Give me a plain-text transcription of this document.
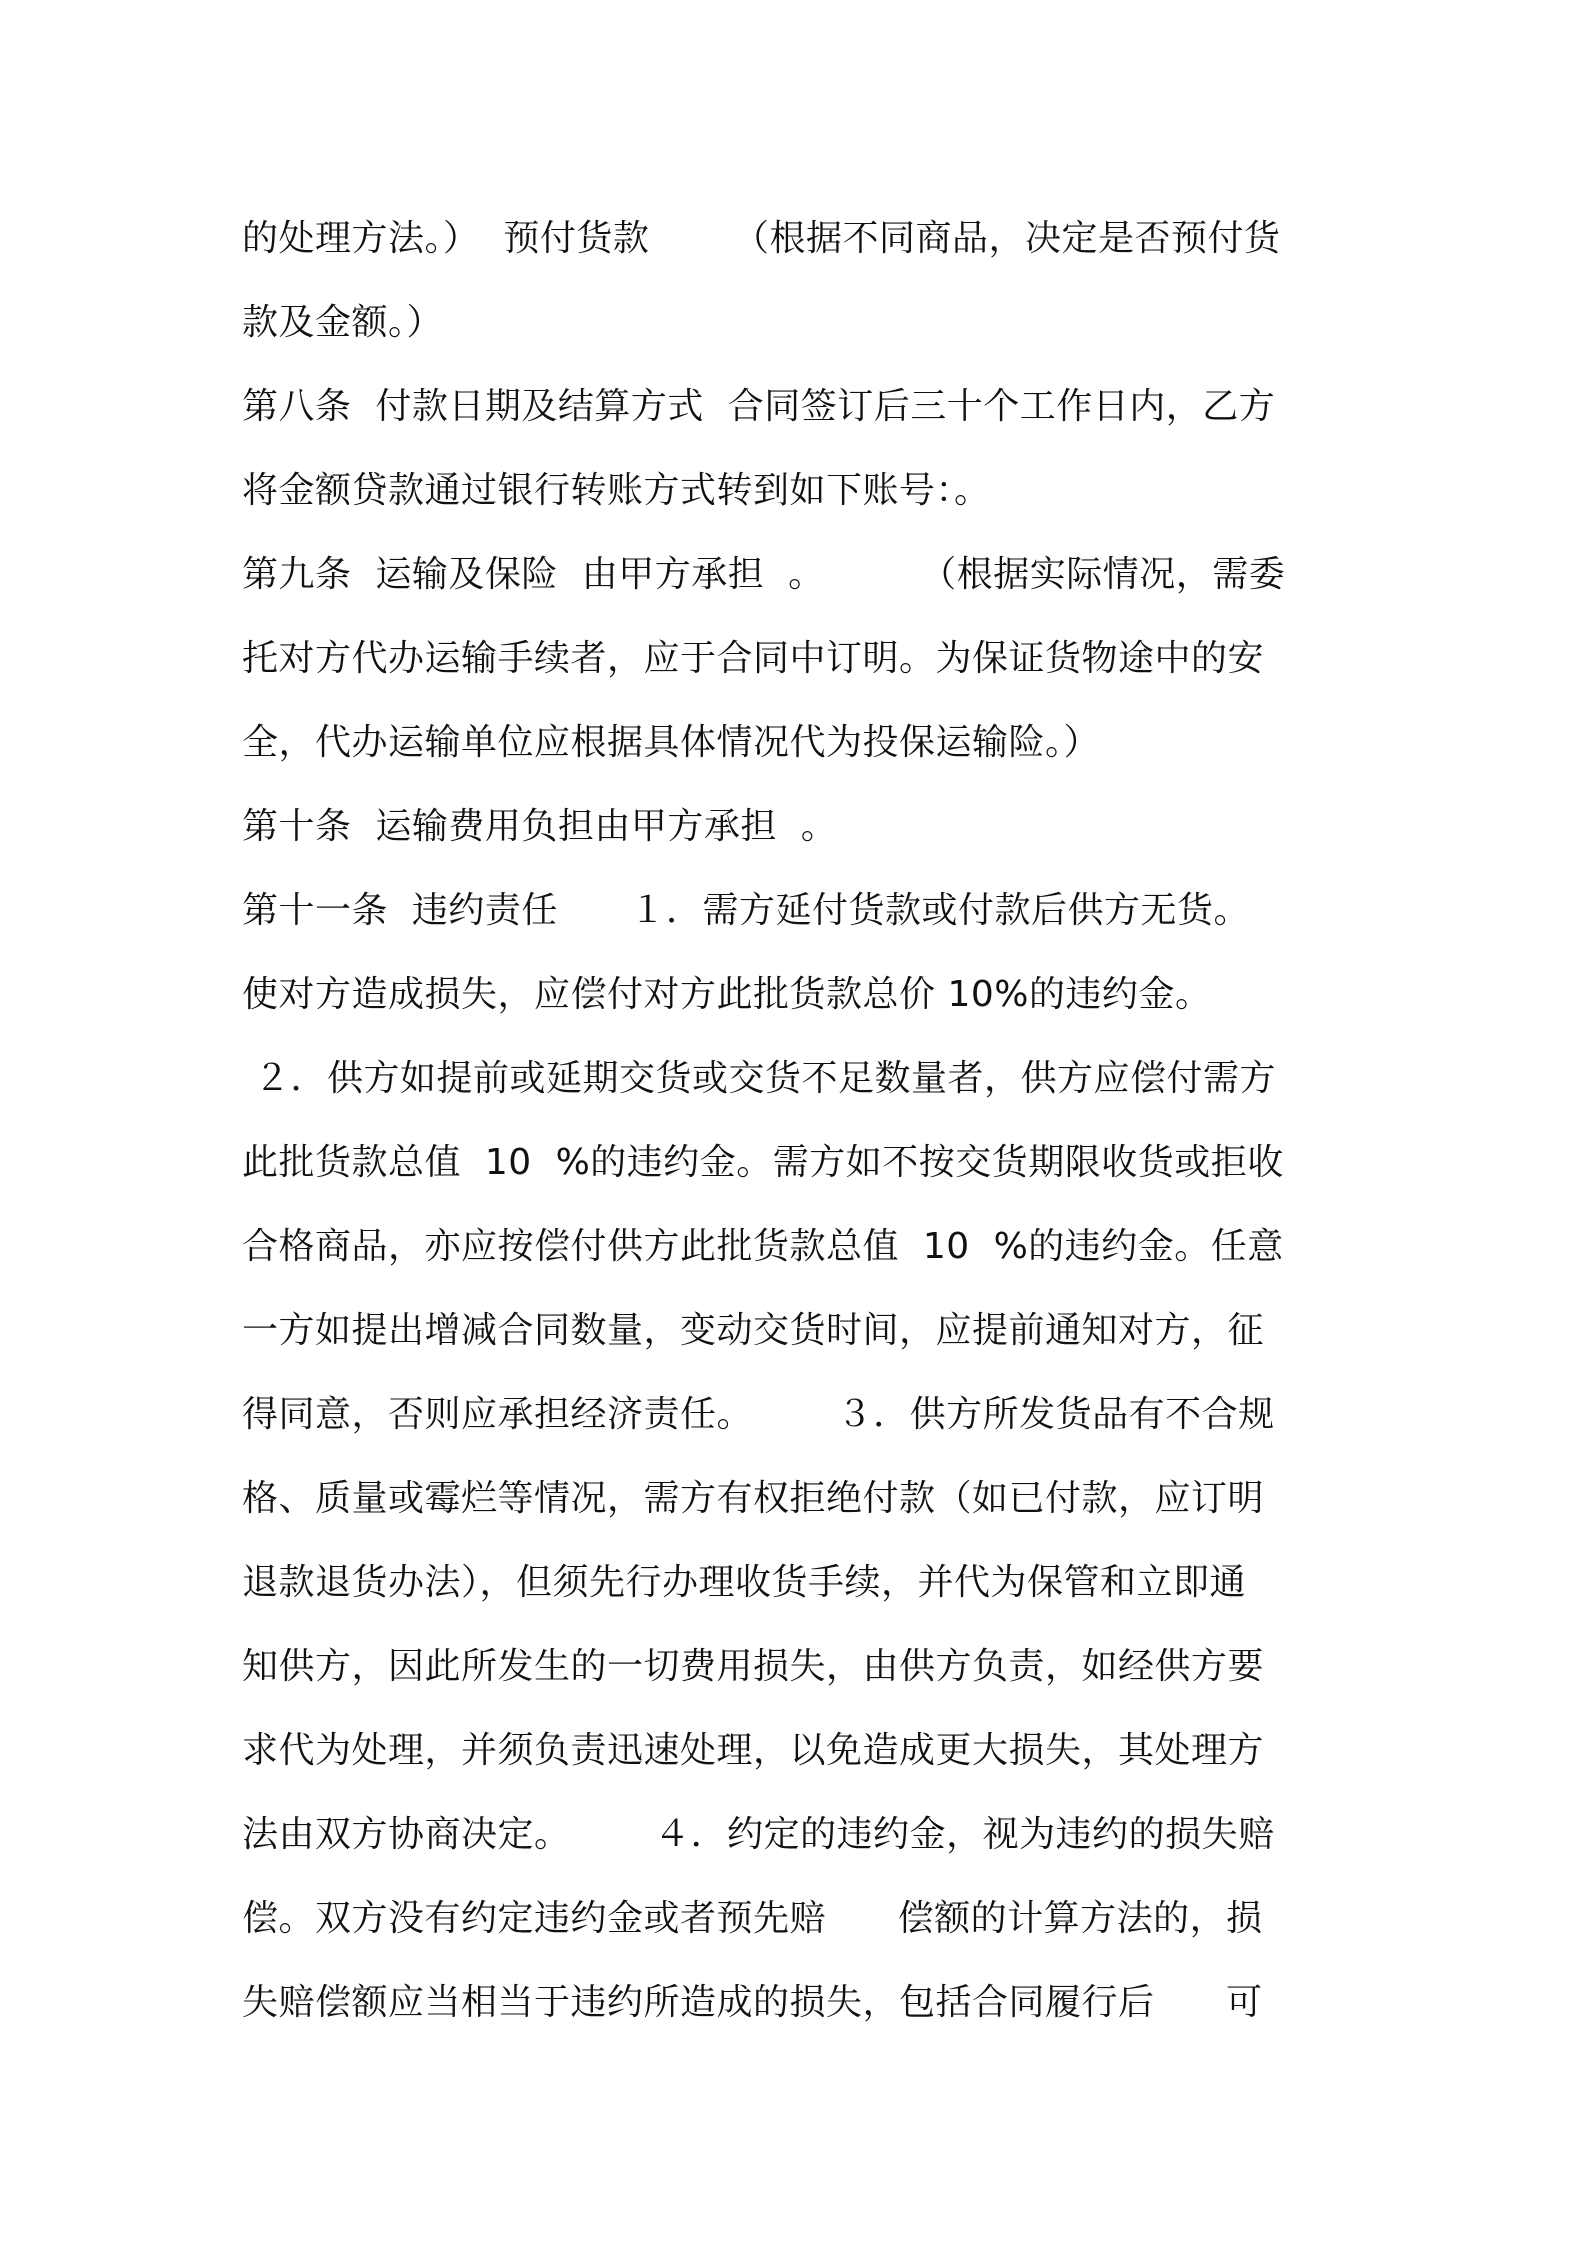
的处理方法。）  预付货款       （根据不同商品，决定是否预付货
款及金额。）
第八条  付款日期及结算方式  合同签订后三十个工作日内，乙方
将金额贷款通过银行转账方式转到如下账号：。
第九条  运输及保险  由甲方承担  。        （根据实际情况，需委
托对方代办运输手续者，应于合同中订明。为保证货物途中的安
全，代办运输单位应根据具体情况代为投保运输险。）
第十条  运输费用负担由甲方承担  。
第十一条  违约责任      １．需方延付货款或付款后供方无货。
使对方造成损失，应偿付对方此批货款总价 10%的违约金。
２．供方如提前或延期交货或交货不足数量者，供方应偿付需方
此批货款总值  10  %的违约金。需方如不按交货期限收货或拒收
合格商品，亦应按偿付供方此批货款总值  10  %的违约金。任意
一方如提出增减合同数量，变动交货时间，应提前通知对方，征
得同意，否则应承担经济责任。       ３．供方所发货品有不合规
格、质量或霉烂等情况，需方有权拒绝付款（如已付款，应订明
退款退货办法），但须先行办理收货手续，并代为保管和立即通
知供方，因此所发生的一切费用损失，由供方负责，如经供方要
求代为处理，并须负责迅速处理，以免造成更大损失，其处理方
法由双方协商决定。       ４．约定的违约金，视为违约的损失赔
偿。双方没有约定违约金或者预先赔      偿额的计算方法的，损
失赔偿额应当相当于违约所造成的损失，包括合同履行后      可
